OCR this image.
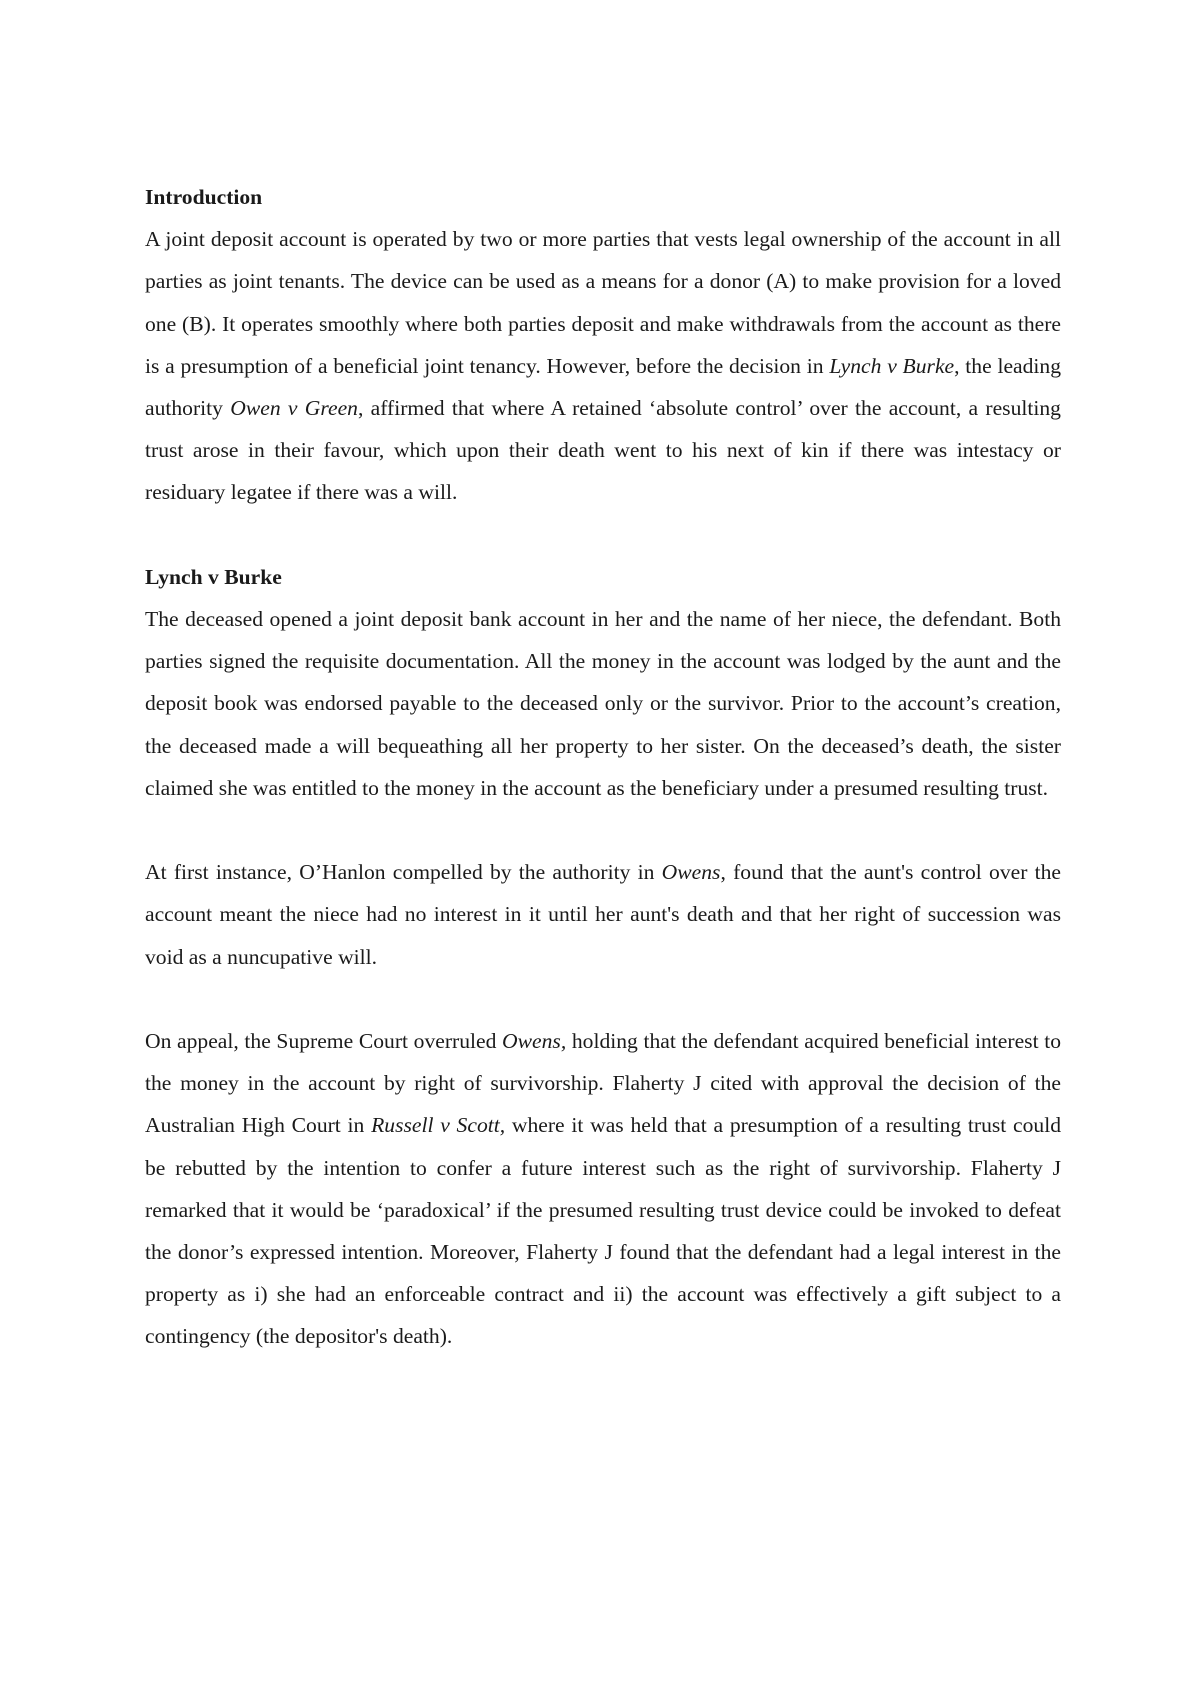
Introduction

A joint deposit account is operated by two or more parties that vests legal ownership of the account in all parties as joint tenants. The device can be used as a means for a donor (A) to make provision for a loved one (B). It operates smoothly where both parties deposit and make withdrawals from the account as there is a presumption of a beneficial joint tenancy. However, before the decision in Lynch v Burke, the leading authority Owen v Green, affirmed that where A retained ‘absolute control’ over the account, a resulting trust arose in their favour, which upon their death went to his next of kin if there was intestacy or residuary legatee if there was a will.

Lynch v Burke

The deceased opened a joint deposit bank account in her and the name of her niece, the defendant. Both parties signed the requisite documentation. All the money in the account was lodged by the aunt and the deposit book was endorsed payable to the deceased only or the survivor. Prior to the account’s creation, the deceased made a will bequeathing all her property to her sister. On the deceased’s death, the sister claimed she was entitled to the money in the account as the beneficiary under a presumed resulting trust.

At first instance, O’Hanlon compelled by the authority in Owens, found that the aunt's control over the account meant the niece had no interest in it until her aunt's death and that her right of succession was void as a nuncupative will.

On appeal, the Supreme Court overruled Owens, holding that the defendant acquired beneficial interest to the money in the account by right of survivorship. Flaherty J cited with approval the decision of the Australian High Court in Russell v Scott, where it was held that a presumption of a resulting trust could be rebutted by the intention to confer a future interest such as the right of survivorship. Flaherty J remarked that it would be ‘paradoxical’ if the presumed resulting trust device could be invoked to defeat the donor’s expressed intention. Moreover, Flaherty J found that the defendant had a legal interest in the property as i) she had an enforceable contract and ii) the account was effectively a gift subject to a contingency (the depositor's death).
